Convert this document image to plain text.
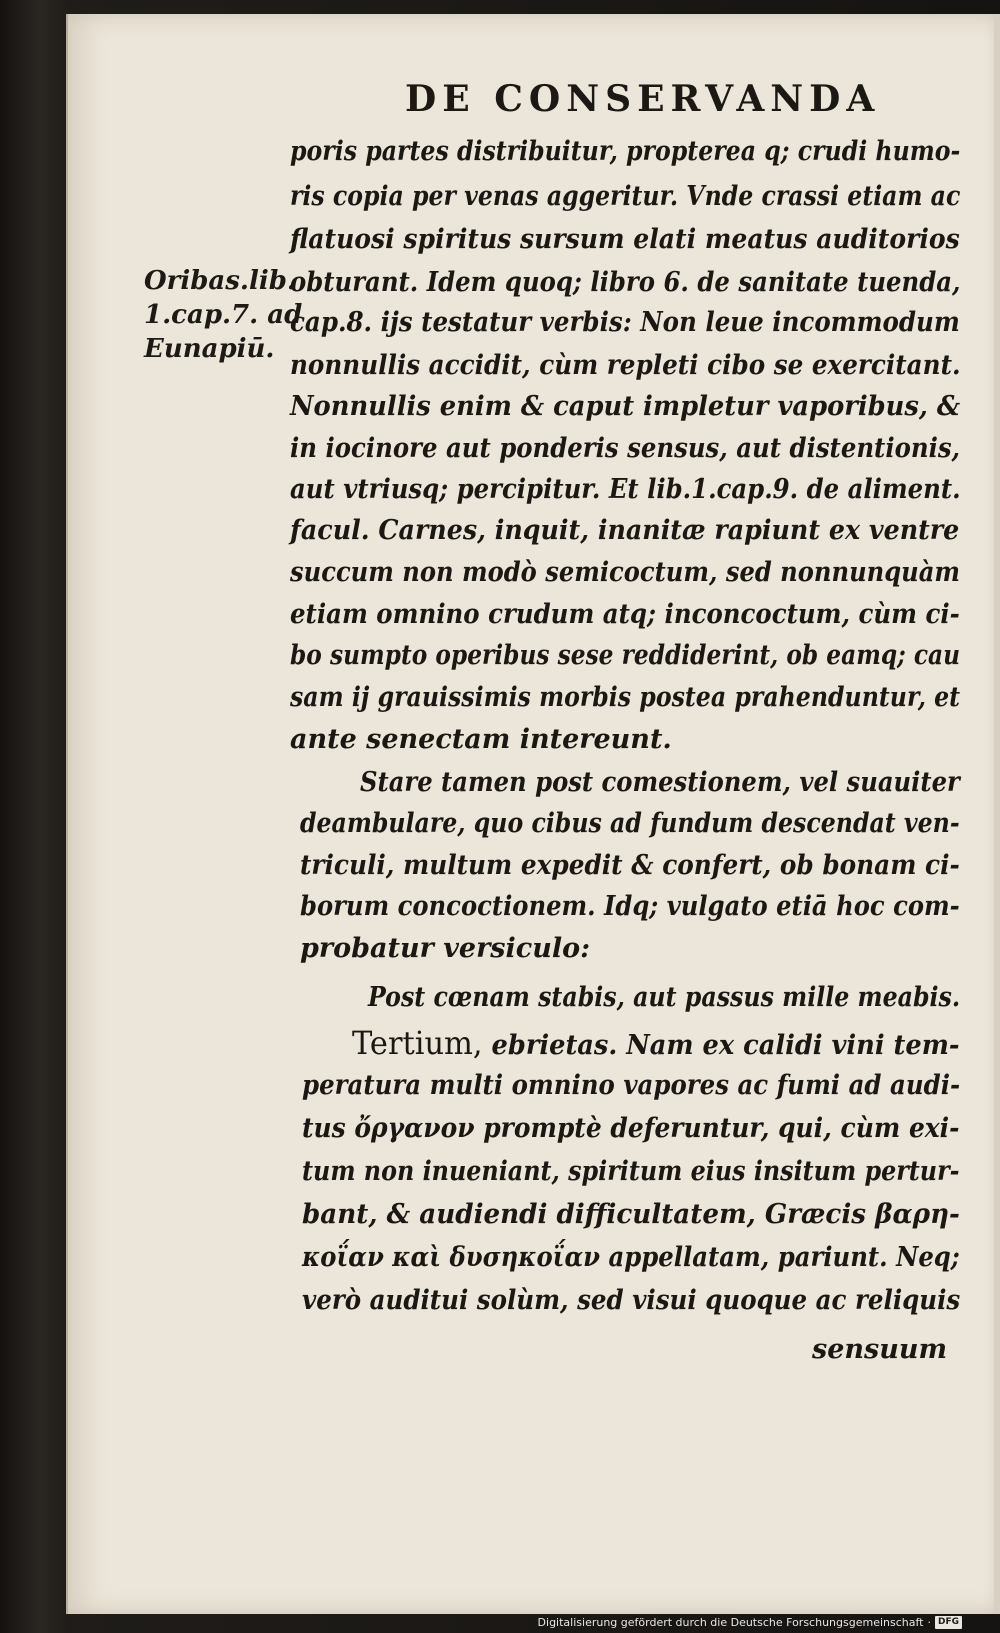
DE CONSERVANDA
Oribas.lib.
1.cap.7. ad
Eunapiū.
poris partes distribuitur, propterea q; crudi humo-
ris copia per venas aggeritur. Vnde crassi etiam ac
flatuosi spiritus sursum elati meatus auditorios
obturant. Idem quoq; libro 6. de sanitate tuenda,
cap.8. ijs testatur verbis: Non leue incommodum
nonnullis accidit, cùm repleti cibo se exercitant.
Nonnullis enim & caput impletur vaporibus, &
in iocinore aut ponderis sensus, aut distentionis,
aut vtriusq; percipitur. Et lib.1.cap.9. de aliment.
facul. Carnes, inquit, inanitæ rapiunt ex ventre
succum non modò semicoctum, sed nonnunquàm
etiam omnino crudum atq; inconcoctum, cùm ci-
bo sumpto operibus sese reddiderint, ob eamq; cau
sam ij grauissimis morbis postea prahenduntur, et
ante senectam intereunt.
Stare tamen post comestionem, vel suauiter
deambulare, quo cibus ad fundum descendat ven-
triculi, multum expedit & confert, ob bonam ci-
borum concoctionem. Idq; vulgato etiā hoc com-
probatur versiculo:
Post cœnam stabis, aut passus mille meabis.
Tertium, ebrietas. Nam ex calidi vini tem-
peratura multi omnino vapores ac fumi ad audi-
tus ὄργανον promptè deferuntur, qui, cùm exi-
tum non inueniant, spiritum eius insitum pertur-
bant, & audiendi difficultatem, Græcis βαρη-
κοΐαν καὶ δυσηκοΐαν appellatam, pariunt. Neq;
verò auditui solùm, sed visui quoque ac reliquis
sensuum
Digitalisierung gefördert durch die Deutsche Forschungsgemeinschaft · DFG
